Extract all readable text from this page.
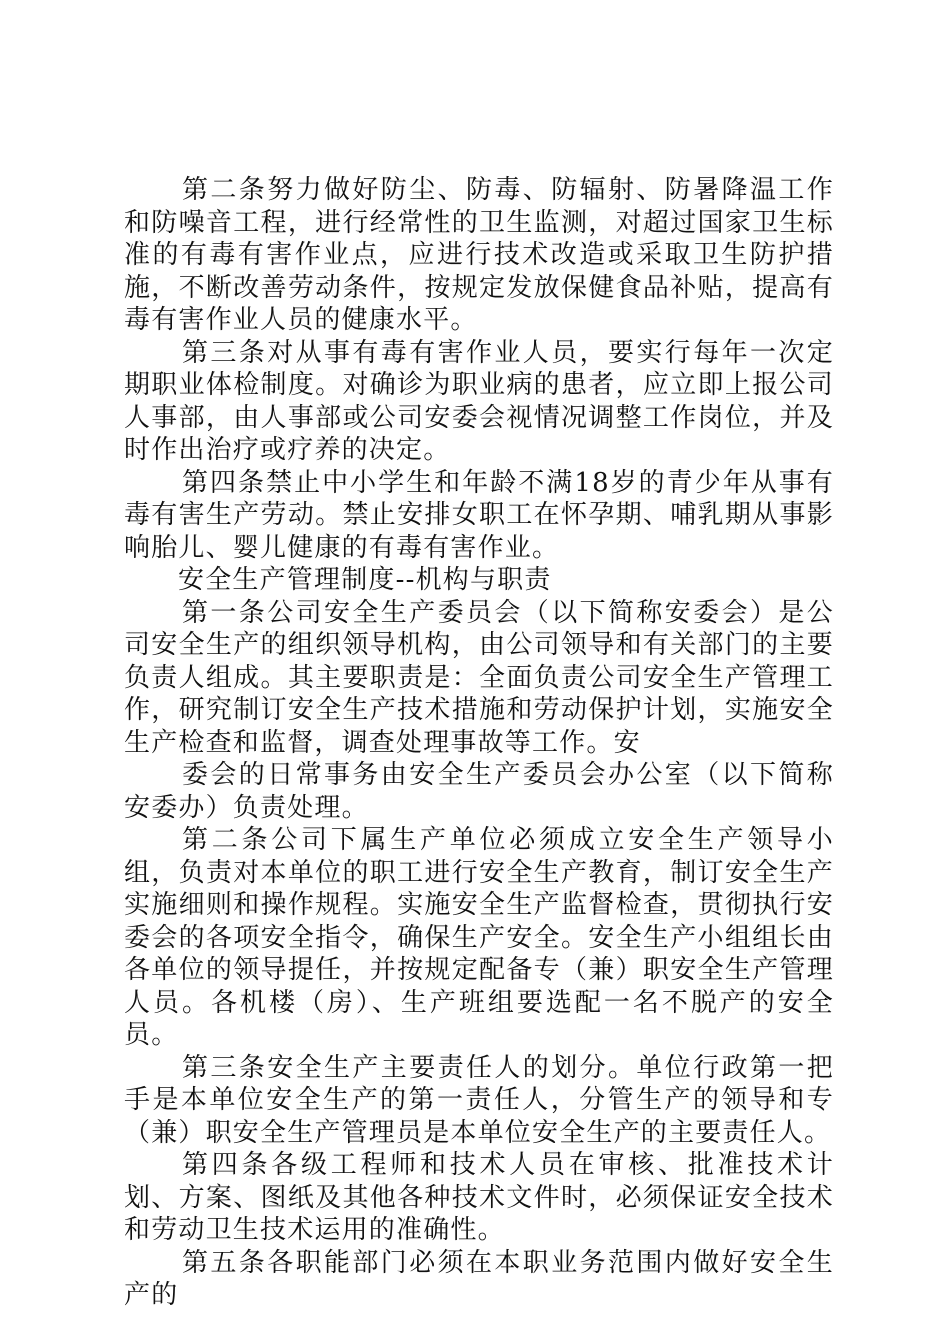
第二条努力做好防尘、防毒、防辐射、防暑降温工作和防噪音工程，进行经常性的卫生监测，对超过国家卫生标准的有毒有害作业点，应进行技术改造或采取卫生防护措施，不断改善劳动条件，按规定发放保健食品补贴，提高有毒有害作业人员的健康水平。

第三条对从事有毒有害作业人员，要实行每年一次定期职业体检制度。对确诊为职业病的患者，应立即上报公司人事部，由人事部或公司安委会视情况调整工作岗位，并及时作出治疗或疗养的决定。

第四条禁止中小学生和年龄不满18岁的青少年从事有毒有害生产劳动。禁止安排女职工在怀孕期、哺乳期从事影响胎儿、婴儿健康的有毒有害作业。

安全生产管理制度--机构与职责

第一条公司安全生产委员会（以下简称安委会）是公司安全生产的组织领导机构，由公司领导和有关部门的主要负责人组成。其主要职责是：全面负责公司安全生产管理工作，研究制订安全生产技术措施和劳动保护计划，实施安全生产检查和监督，调查处理事故等工作。安

委会的日常事务由安全生产委员会办公室（以下简称安委办）负责处理。

第二条公司下属生产单位必须成立安全生产领导小组，负责对本单位的职工进行安全生产教育，制订安全生产实施细则和操作规程。实施安全生产监督检查，贯彻执行安委会的各项安全指令，确保生产安全。安全生产小组组长由各单位的领导提任，并按规定配备专（兼）职安全生产管理人员。各机楼（房）、生产班组要选配一名不脱产的安全员。

第三条安全生产主要责任人的划分。单位行政第一把手是本单位安全生产的第一责任人，分管生产的领导和专（兼）职安全生产管理员是本单位安全生产的主要责任人。

第四条各级工程师和技术人员在审核、批准技术计划、方案、图纸及其他各种技术文件时，必须保证安全技术和劳动卫生技术运用的准确性。

第五条各职能部门必须在本职业务范围内做好安全生产的
